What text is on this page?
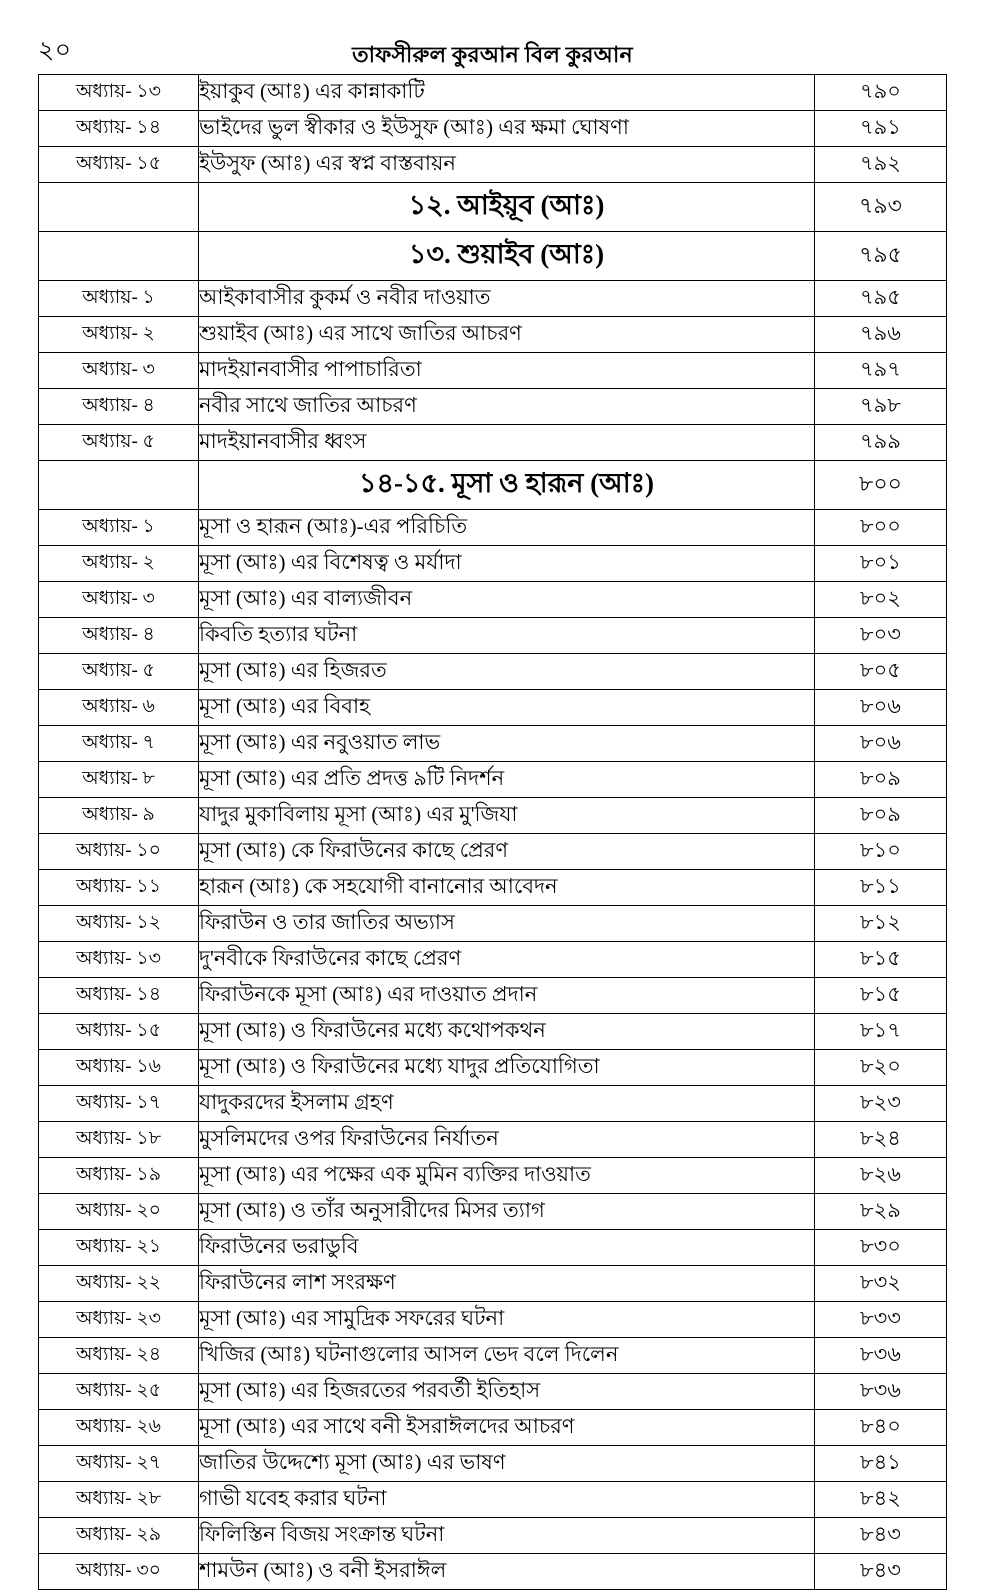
২০	তাফসীরুল কুরআন বিল কুরআন
অধ্যায়- ১৩	ইয়াকুব (আঃ) এর কান্নাকাটি	৭৯০
অধ্যায়- ১৪	ভাইদের ভুল স্বীকার ও ইউসুফ (আঃ) এর ক্ষমা ঘোষণা	৭৯১
অধ্যায়- ১৫	ইউসুফ (আঃ) এর স্বপ্ন বাস্তবায়ন	৭৯২
	১২. আইয়ূব (আঃ)	৭৯৩
	১৩. শুয়াইব (আঃ)	৭৯৫
অধ্যায়- ১	আইকাবাসীর কুকর্ম ও নবীর দাওয়াত	৭৯৫
অধ্যায়- ২	শুয়াইব (আঃ) এর সাথে জাতির আচরণ	৭৯৬
অধ্যায়- ৩	মাদইয়ানবাসীর পাপাচারিতা	৭৯৭
অধ্যায়- ৪	নবীর সাথে জাতির আচরণ	৭৯৮
অধ্যায়- ৫	মাদইয়ানবাসীর ধ্বংস	৭৯৯
	১৪-১৫. মূসা ও হারূন (আঃ)	৮০০
অধ্যায়- ১	মূসা ও হারূন (আঃ)-এর পরিচিতি	৮০০
অধ্যায়- ২	মূসা (আঃ) এর বিশেষত্ব ও মর্যাদা	৮০১
অধ্যায়- ৩	মূসা (আঃ) এর বাল্যজীবন	৮০২
অধ্যায়- ৪	কিবতি হত্যার ঘটনা	৮০৩
অধ্যায়- ৫	মূসা (আঃ) এর হিজরত	৮০৫
অধ্যায়- ৬	মূসা (আঃ) এর বিবাহ	৮০৬
অধ্যায়- ৭	মূসা (আঃ) এর নবুওয়াত লাভ	৮০৬
অধ্যায়- ৮	মূসা (আঃ) এর প্রতি প্রদত্ত ৯টি নিদর্শন	৮০৯
অধ্যায়- ৯	যাদুর মুকাবিলায় মূসা (আঃ) এর মু'জিযা	৮০৯
অধ্যায়- ১০	মূসা (আঃ) কে ফিরাউনের কাছে প্রেরণ	৮১০
অধ্যায়- ১১	হারূন (আঃ) কে সহযোগী বানানোর আবেদন	৮১১
অধ্যায়- ১২	ফিরাউন ও তার জাতির অভ্যাস	৮১২
অধ্যায়- ১৩	দু'নবীকে ফিরাউনের কাছে প্রেরণ	৮১৫
অধ্যায়- ১৪	ফিরাউনকে মূসা (আঃ) এর দাওয়াত প্রদান	৮১৫
অধ্যায়- ১৫	মূসা (আঃ) ও ফিরাউনের মধ্যে কথোপকথন	৮১৭
অধ্যায়- ১৬	মূসা (আঃ) ও ফিরাউনের মধ্যে যাদুর প্রতিযোগিতা	৮২০
অধ্যায়- ১৭	যাদুকরদের ইসলাম গ্রহণ	৮২৩
অধ্যায়- ১৮	মুসলিমদের ওপর ফিরাউনের নির্যাতন	৮২৪
অধ্যায়- ১৯	মূসা (আঃ) এর পক্ষের এক মুমিন ব্যক্তির দাওয়াত	৮২৬
অধ্যায়- ২০	মূসা (আঃ) ও তাঁর অনুসারীদের মিসর ত্যাগ	৮২৯
অধ্যায়- ২১	ফিরাউনের ভরাডুবি	৮৩০
অধ্যায়- ২২	ফিরাউনের লাশ সংরক্ষণ	৮৩২
অধ্যায়- ২৩	মূসা (আঃ) এর সামুদ্রিক সফরের ঘটনা	৮৩৩
অধ্যায়- ২৪	খিজির (আঃ) ঘটনাগুলোর আসল ভেদ বলে দিলেন	৮৩৬
অধ্যায়- ২৫	মূসা (আঃ) এর হিজরতের পরবর্তী ইতিহাস	৮৩৬
অধ্যায়- ২৬	মূসা (আঃ) এর সাথে বনী ইসরাঈলদের আচরণ	৮৪০
অধ্যায়- ২৭	জাতির উদ্দেশ্যে মূসা (আঃ) এর ভাষণ	৮৪১
অধ্যায়- ২৮	গাভী যবেহ করার ঘটনা	৮৪২
অধ্যায়- ২৯	ফিলিস্তিন বিজয় সংক্রান্ত ঘটনা	৮৪৩
অধ্যায়- ৩০	শামউন (আঃ) ও বনী ইসরাঈল	৮৪৩
